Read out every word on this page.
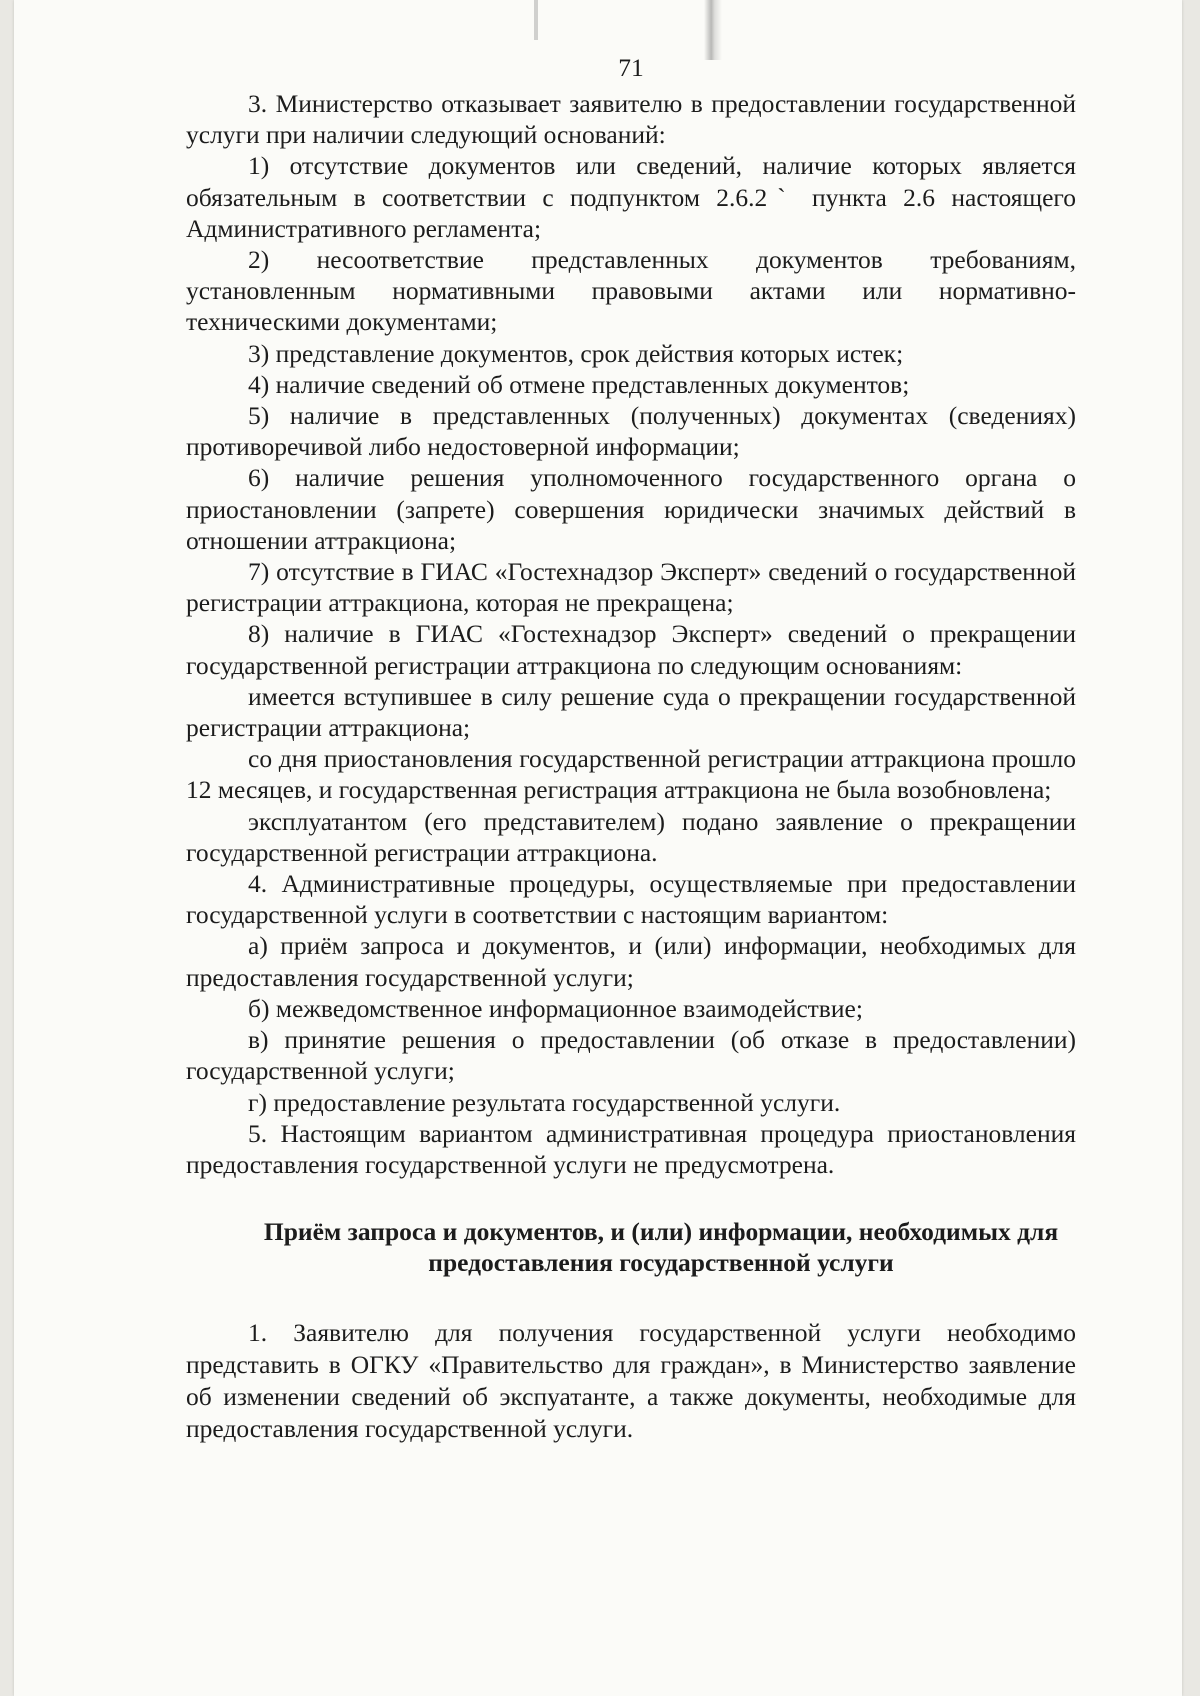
71

3. Министерство отказывает заявителю в предоставлении государственной услуги при наличии следующий оснований:

1) отсутствие документов или сведений, наличие которых является обязательным в соответствии с подпунктом 2.6.2ˋ пункта 2.6 настоящего Административного регламента;

2) несоответствие представленных документов требованиям, установленным нормативными правовыми актами или нормативно-техническими документами;

3) представление документов, срок действия которых истек;

4) наличие сведений об отмене представленных документов;

5) наличие в представленных (полученных) документах (сведениях) противоречивой либо недостоверной информации;

6) наличие решения уполномоченного государственного органа о приостановлении (запрете) совершения юридически значимых действий в отношении аттракциона;

7) отсутствие в ГИАС «Гостехнадзор Эксперт» сведений о государственной регистрации аттракциона, которая не прекращена;

8) наличие в ГИАС «Гостехнадзор Эксперт» сведений о прекращении государственной регистрации аттракциона по следующим основаниям:

имеется вступившее в силу решение суда о прекращении государственной регистрации аттракциона;

со дня приостановления государственной регистрации аттракциона прошло 12 месяцев, и государственная регистрация аттракциона не была возобновлена;

эксплуатантом (его представителем) подано заявление о прекращении государственной регистрации аттракциона.

4. Административные процедуры, осуществляемые при предоставлении государственной услуги в соответствии с настоящим вариантом:

а) приём запроса и документов, и (или) информации, необходимых для предоставления государственной услуги;

б) межведомственное информационное взаимодействие;

в) принятие решения о предоставлении (об отказе в предоставлении) государственной услуги;

г) предоставление результата государственной услуги.

5. Настоящим вариантом административная процедура приостановления предоставления государственной услуги не предусмотрена.

Приём запроса и документов, и (или) информации, необходимых для
предоставления государственной услуги

1. Заявителю для получения государственной услуги необходимо представить в ОГКУ «Правительство для граждан», в Министерство заявление об изменении сведений об экспуатанте, а также документы, необходимые для предоставления государственной услуги.
